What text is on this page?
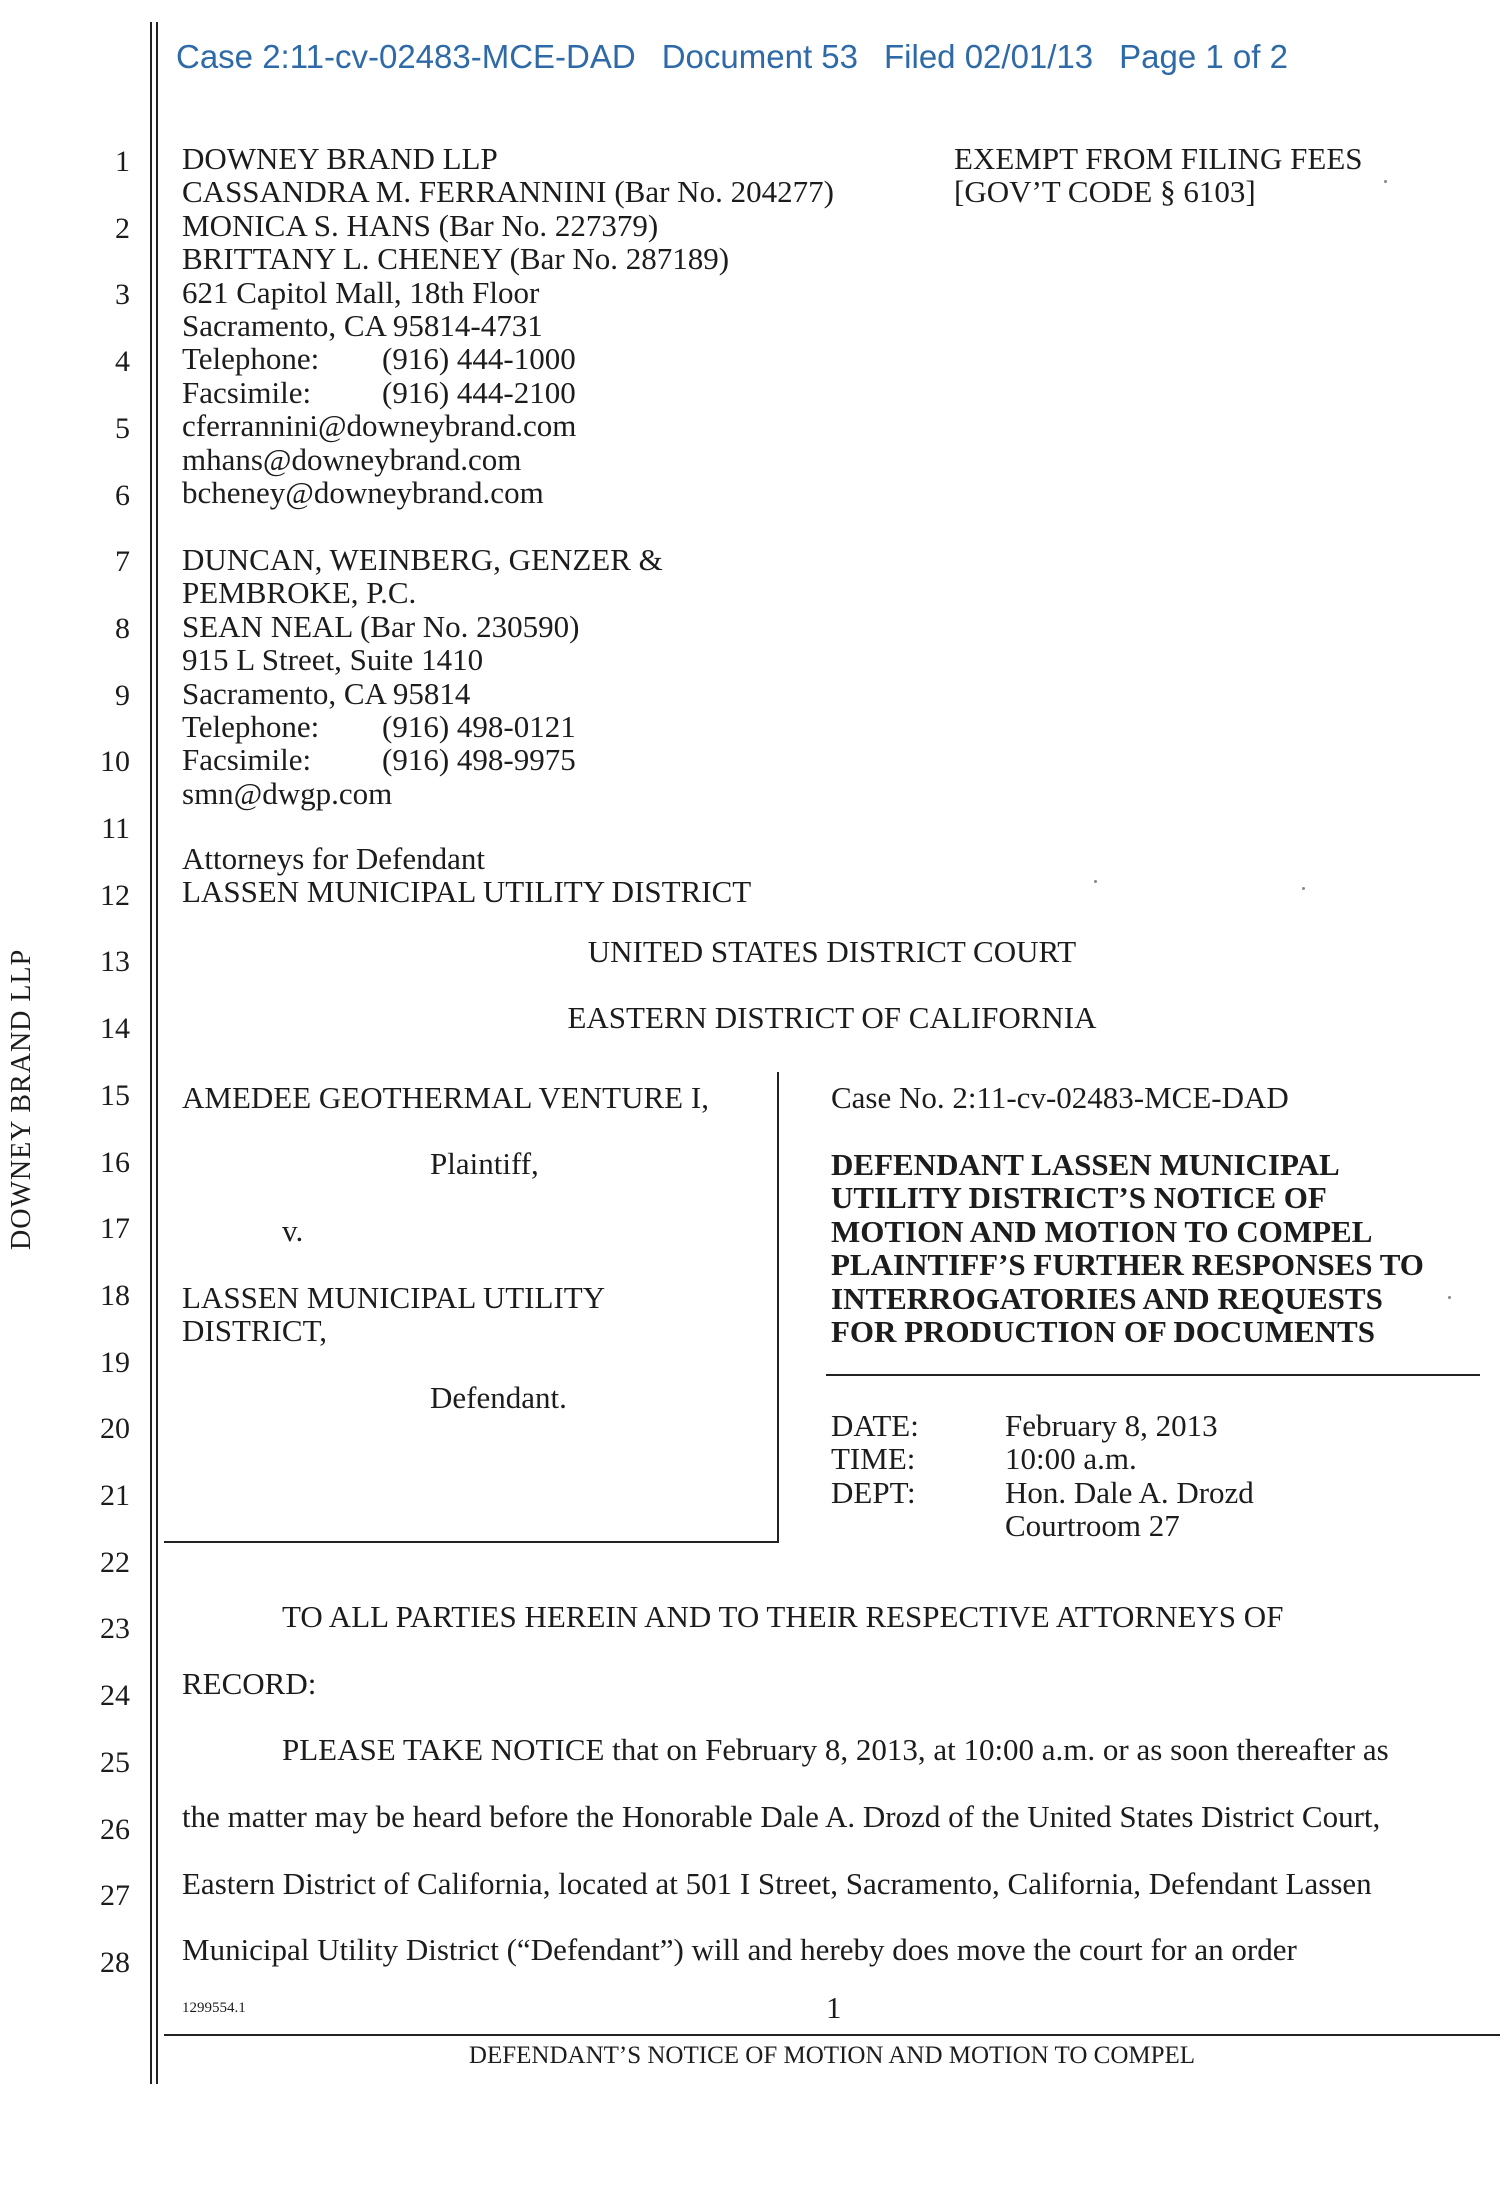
Case 2:11-cv-02483-MCE-DAD Document 53 Filed 02/01/13 Page 1 of 2
DOWNEY BRAND LLP
1
2
3
4
5
6
7
8
9
10
11
12
13
14
15
16
17
18
19
20
21
22
23
24
25
26
27
28
DOWNEY BRAND LLP
CASSANDRA M. FERRANNINI (Bar No. 204277)
MONICA S. HANS (Bar No. 227379)
BRITTANY L. CHENEY (Bar No. 287189)
621 Capitol Mall, 18th Floor
Sacramento, CA 95814-4731
Telephone:	(916) 444-1000
Facsimile:	(916) 444-2100
cferrannini@downeybrand.com
mhans@downeybrand.com
bcheney@downeybrand.com
EXEMPT FROM FILING FEES
[GOV’T CODE § 6103]
DUNCAN, WEINBERG, GENZER &
PEMBROKE, P.C.
SEAN NEAL (Bar No. 230590)
915 L Street, Suite 1410
Sacramento, CA 95814
Telephone:	(916) 498-0121
Facsimile:	(916) 498-9975
smn@dwgp.com
Attorneys for Defendant
LASSEN MUNICIPAL UTILITY DISTRICT
UNITED STATES DISTRICT COURT
EASTERN DISTRICT OF CALIFORNIA
AMEDEE GEOTHERMAL VENTURE I,
Plaintiff,
v.
LASSEN MUNICIPAL UTILITY
DISTRICT,
Defendant.
Case No. 2:11-cv-02483-MCE-DAD
DEFENDANT LASSEN MUNICIPAL
UTILITY DISTRICT’S NOTICE OF
MOTION AND MOTION TO COMPEL
PLAINTIFF’S FURTHER RESPONSES TO
INTERROGATORIES AND REQUESTS
FOR PRODUCTION OF DOCUMENTS
DATE:	February 8, 2013
TIME:	10:00 a.m.
DEPT:	Hon. Dale A. Drozd
Courtroom 27
TO ALL PARTIES HEREIN AND TO THEIR RESPECTIVE ATTORNEYS OF
RECORD:
PLEASE TAKE NOTICE that on February 8, 2013, at 10:00 a.m. or as soon thereafter as
the matter may be heard before the Honorable Dale A. Drozd of the United States District Court,
Eastern District of California, located at 501 I Street, Sacramento, California, Defendant Lassen
Municipal Utility District (“Defendant”) will and hereby does move the court for an order
1299554.1	1
DEFENDANT’S NOTICE OF MOTION AND MOTION TO COMPEL
